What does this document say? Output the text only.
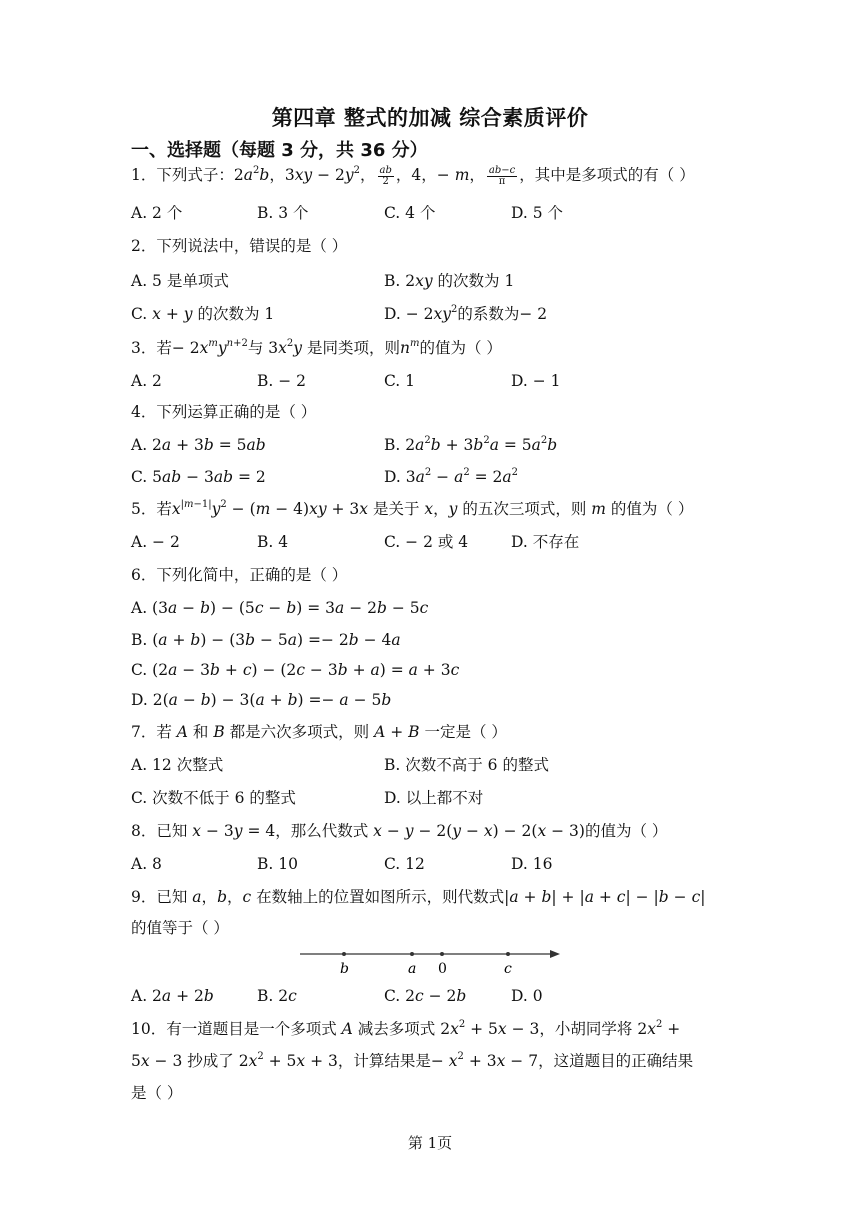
第四章 整式的加减 综合素质评价
一、选择题（每题 3 分，共 36 分）
1．下列式子：$2a^2b$，$3xy - 2y^2$， $\frac{ab}{2}$ ，4，− m， $\frac{ab-c}{\pi}$ ，其中是多项式的有（ ）
A. 2 个	B. 3 个	C. 4 个	D. 5 个
2．下列说法中，错误的是（ ）
A. 5 是单项式	B. 2xy 的次数为 1
C. x + y 的次数为 1	D. − $2xy^2$的系数为− 2
3．若− $2x^my^{n+2}$与 $3x^2y$ 是同类项，则$n^m$的值为（ ）
A. 2	B. − 2	C. 1	D. − 1
4．下列运算正确的是（ ）
A. 2a + 3b = 5ab	B. $2a^2b + 3b^2a = 5a^2b$
C. 5ab − 3ab = 2	D. $3a^2 - a^2 = 2a^2$
5．若$x^{|m-1|}y^2 - (m - 4)xy + 3x$ 是关于 x，y 的五次三项式，则 m 的值为（ ）
A. − 2	B. 4	C. − 2 或 4	D. 不存在
6．下列化简中，正确的是（ ）
A. (3a − b) − (5c − b) = 3a − 2b − 5c
B. (a + b) − (3b − 5a) =− 2b − 4a
C. (2a − 3b + c) − (2c − 3b + a) = a + 3c
D. 2(a − b) − 3(a + b) =− a − 5b
7．若 A 和 B 都是六次多项式，则 A + B 一定是（ ）
A. 12 次整式	B. 次数不高于 6 的整式
C. 次数不低于 6 的整式	D. 以上都不对
8．已知 x − 3y = 4，那么代数式 x − y − 2(y − x) − 2(x − 3)的值为（ ）
A. 8	B. 10	C. 12	D. 16
9．已知 a，b，c 在数轴上的位置如图所示，则代数式|a + b| + |a + c| − |b − c|
的值等于（ ）
b	a 0	c
A. 2a + 2b	B. 2c	C. 2c − 2b	D. 0
10．有一道题目是一个多项式 A 减去多项式 $2x^2 + 5x - 3$，小胡同学将 $2x^2$ +
5x − 3 抄成了 $2x^2 + 5x + 3$，计算结果是− $x^2 + 3x - 7$，这道题目的正确结果
是（ ）
第 1页
